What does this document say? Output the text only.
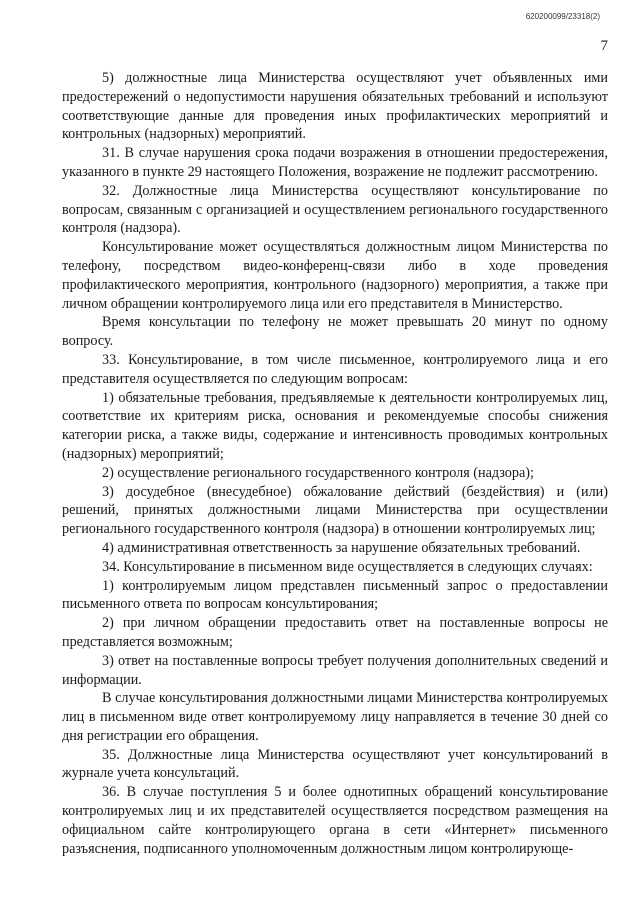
620200099/23318(2)
7

5) должностные лица Министерства осуществляют учет объявленных ими предостережений о недопустимости нарушения обязательных требований и используют соответствующие данные для проведения иных профилактических мероприятий и контрольных (надзорных) мероприятий.

31. В случае нарушения срока подачи возражения в отношении предостережения, указанного в пункте 29 настоящего Положения, возражение не подлежит рассмотрению.

32. Должностные лица Министерства осуществляют консультирование по вопросам, связанным с организацией и осуществлением регионального государственного контроля (надзора).

Консультирование может осуществляться должностным лицом Министерства по телефону, посредством видео-конференц-связи либо в ходе проведения профилактического мероприятия, контрольного (надзорного) мероприятия, а также при личном обращении контролируемого лица или его представителя в Министерство.

Время консультации по телефону не может превышать 20 минут по одному вопросу.

33. Консультирование, в том числе письменное, контролируемого лица и его представителя осуществляется по следующим вопросам:

1) обязательные требования, предъявляемые к деятельности контролируемых лиц, соответствие их критериям риска, основания и рекомендуемые способы снижения категории риска, а также виды, содержание и интенсивность проводимых контрольных (надзорных) мероприятий;

2) осуществление регионального государственного контроля (надзора);

3) досудебное (внесудебное) обжалование действий (бездействия) и (или) решений, принятых должностными лицами Министерства при осуществлении регионального государственного контроля (надзора) в отношении контролируемых лиц;

4) административная ответственность за нарушение обязательных требований.

34. Консультирование в письменном виде осуществляется в следующих случаях:

1) контролируемым лицом представлен письменный запрос о предоставлении письменного ответа по вопросам консультирования;

2) при личном обращении предоставить ответ на поставленные вопросы не представляется возможным;

3) ответ на поставленные вопросы требует получения дополнительных сведений и информации.

В случае консультирования должностными лицами Министерства контролируемых лиц в письменном виде ответ контролируемому лицу направляется в течение 30 дней со дня регистрации его обращения.

35. Должностные лица Министерства осуществляют учет консультирований в журнале учета консультаций.

36. В случае поступления 5 и более однотипных обращений консультирование контролируемых лиц и их представителей осуществляется посредством размещения на официальном сайте контролирующего органа в сети «Интернет» письменного разъяснения, подписанного уполномоченным должностным лицом контролирующе-
